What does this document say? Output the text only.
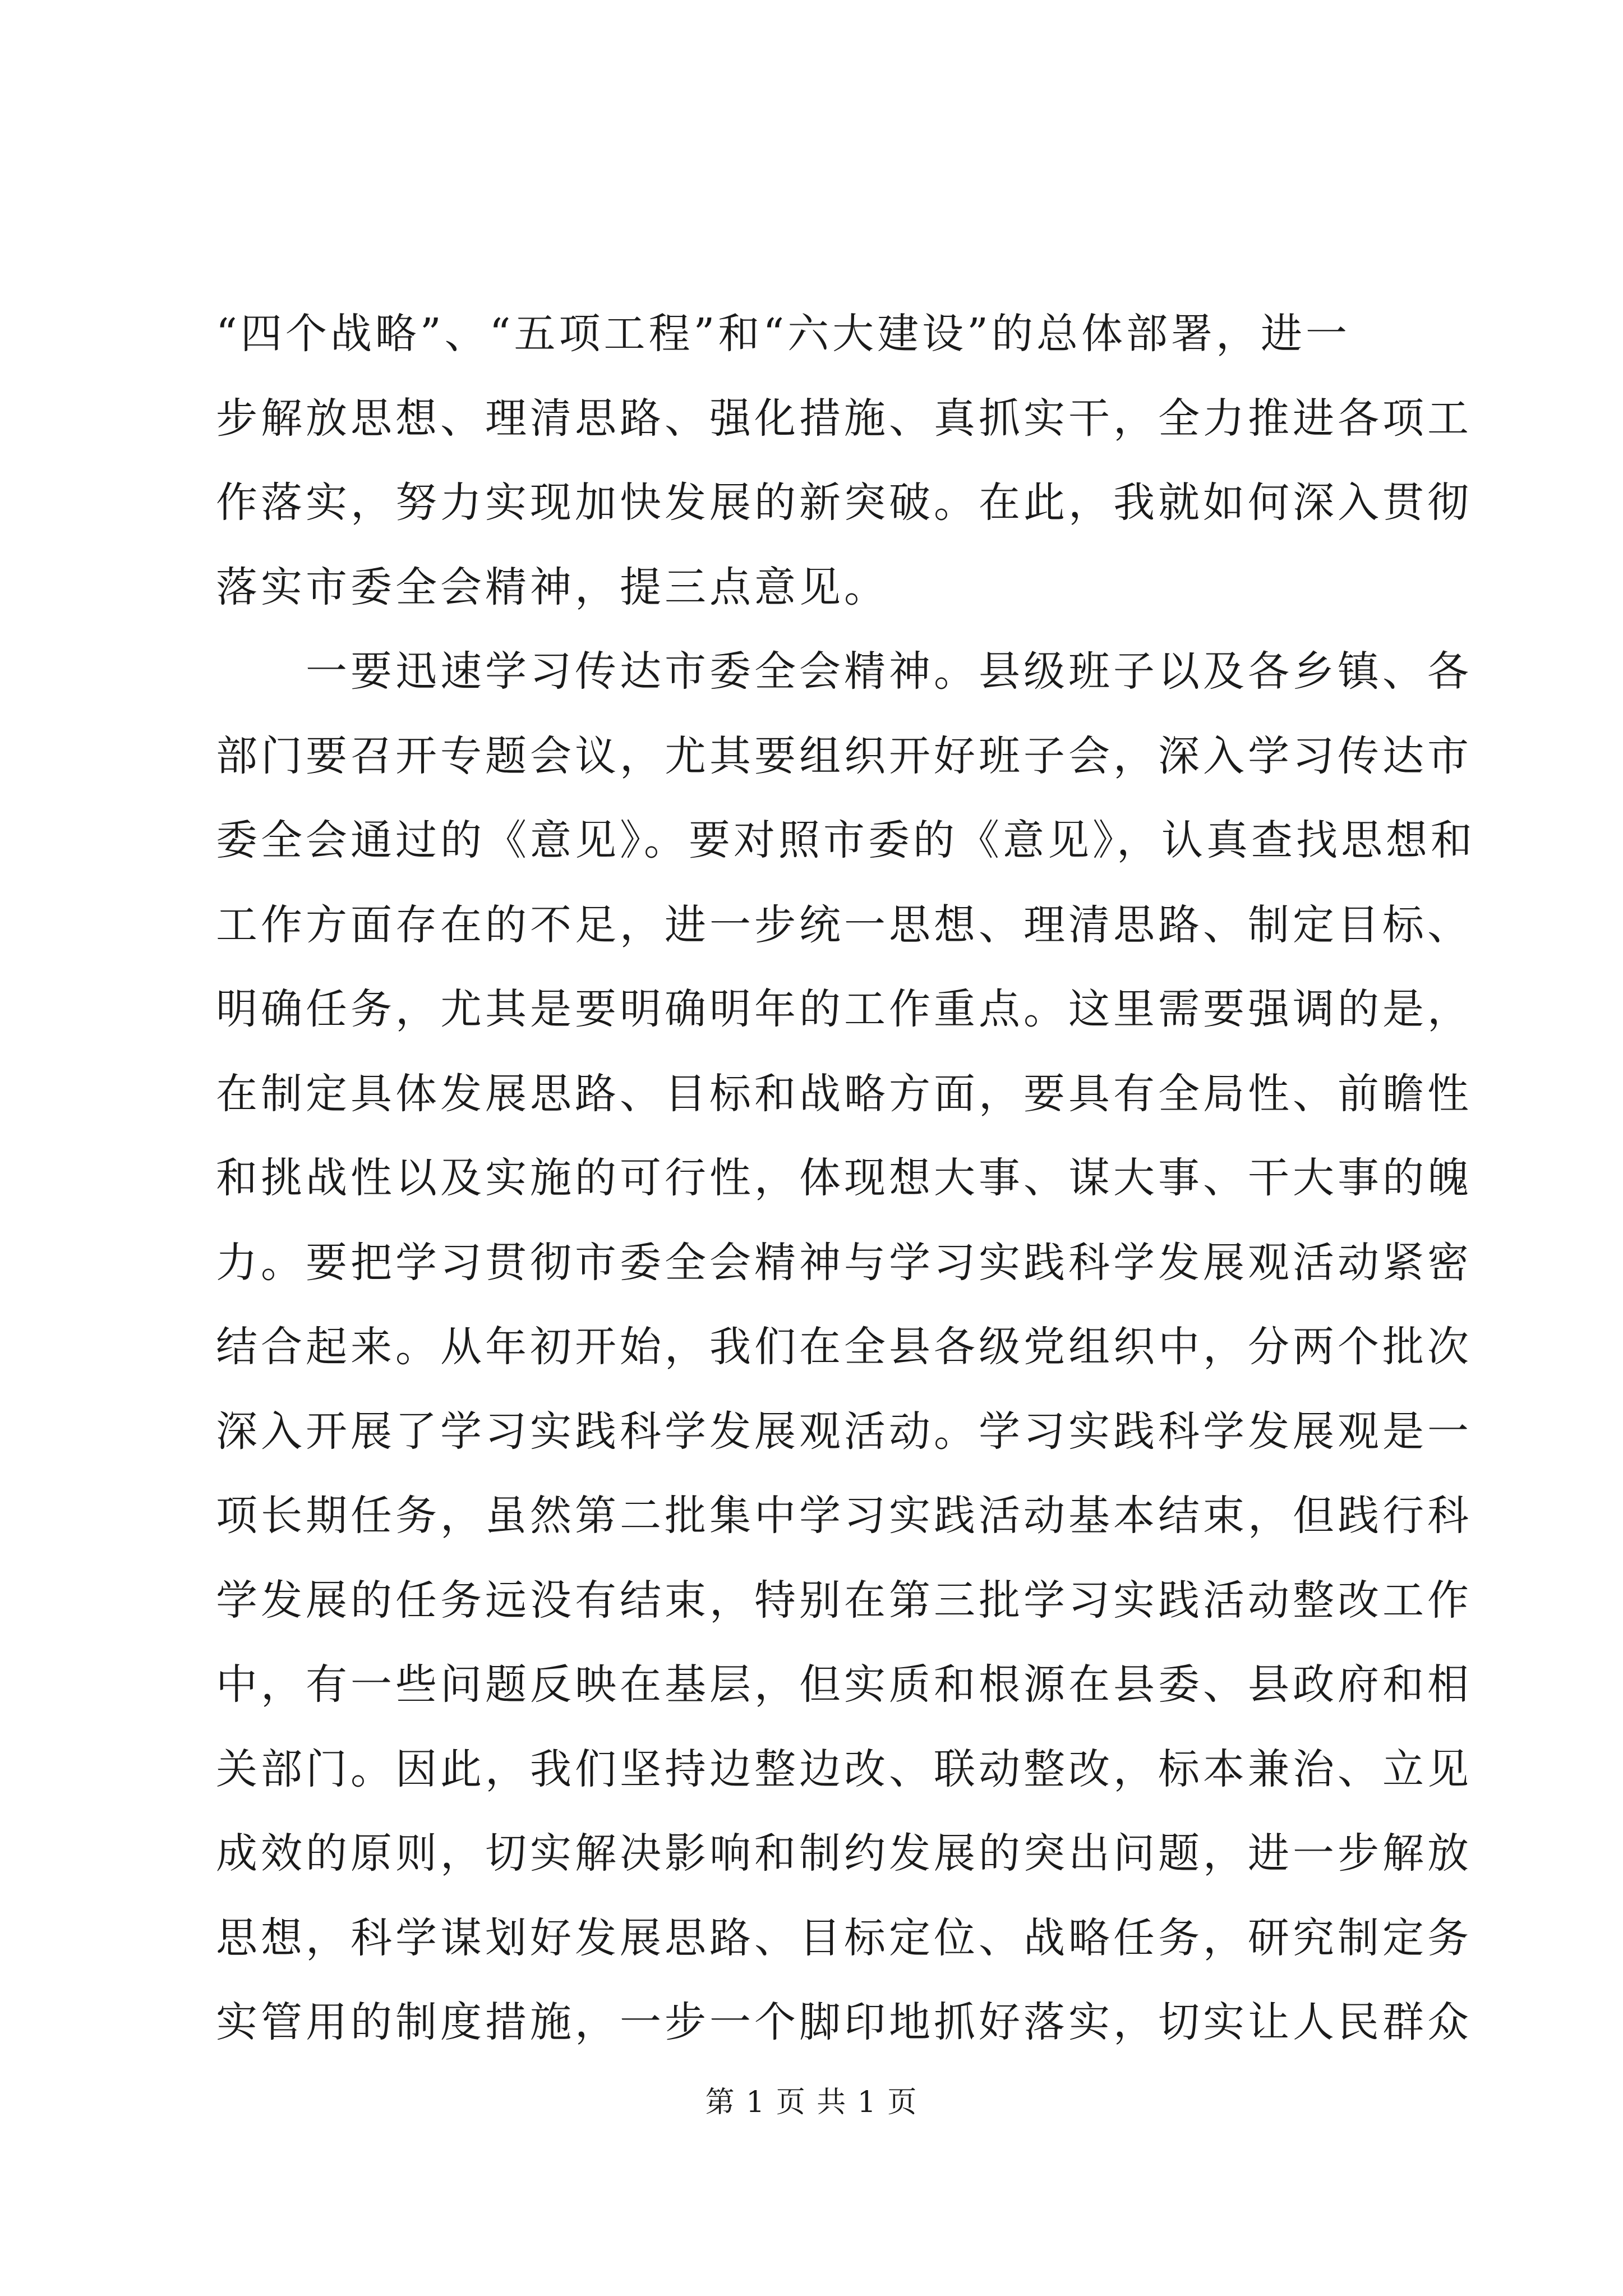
“四个战略”、“五项工程”和“六大建设”的总体部署，进一
步解放思想、理清思路、强化措施、真抓实干，全力推进各项工
作落实，努力实现加快发展的新突破。在此，我就如何深入贯彻
落实市委全会精神，提三点意见。
　　一要迅速学习传达市委全会精神。县级班子以及各乡镇、各
部门要召开专题会议，尤其要组织开好班子会，深入学习传达市
委全会通过的《意见》。要对照市委的《意见》，认真查找思想和
工作方面存在的不足，进一步统一思想、理清思路、制定目标、
明确任务，尤其是要明确明年的工作重点。这里需要强调的是，
在制定具体发展思路、目标和战略方面，要具有全局性、前瞻性
和挑战性以及实施的可行性，体现想大事、谋大事、干大事的魄
力。要把学习贯彻市委全会精神与学习实践科学发展观活动紧密
结合起来。从年初开始，我们在全县各级党组织中，分两个批次
深入开展了学习实践科学发展观活动。学习实践科学发展观是一
项长期任务，虽然第二批集中学习实践活动基本结束，但践行科
学发展的任务远没有结束，特别在第三批学习实践活动整改工作
中，有一些问题反映在基层，但实质和根源在县委、县政府和相
关部门。因此，我们坚持边整边改、联动整改，标本兼治、立见
成效的原则，切实解决影响和制约发展的突出问题，进一步解放
思想，科学谋划好发展思路、目标定位、战略任务，研究制定务
实管用的制度措施，一步一个脚印地抓好落实，切实让人民群众
第 1 页 共 1 页
